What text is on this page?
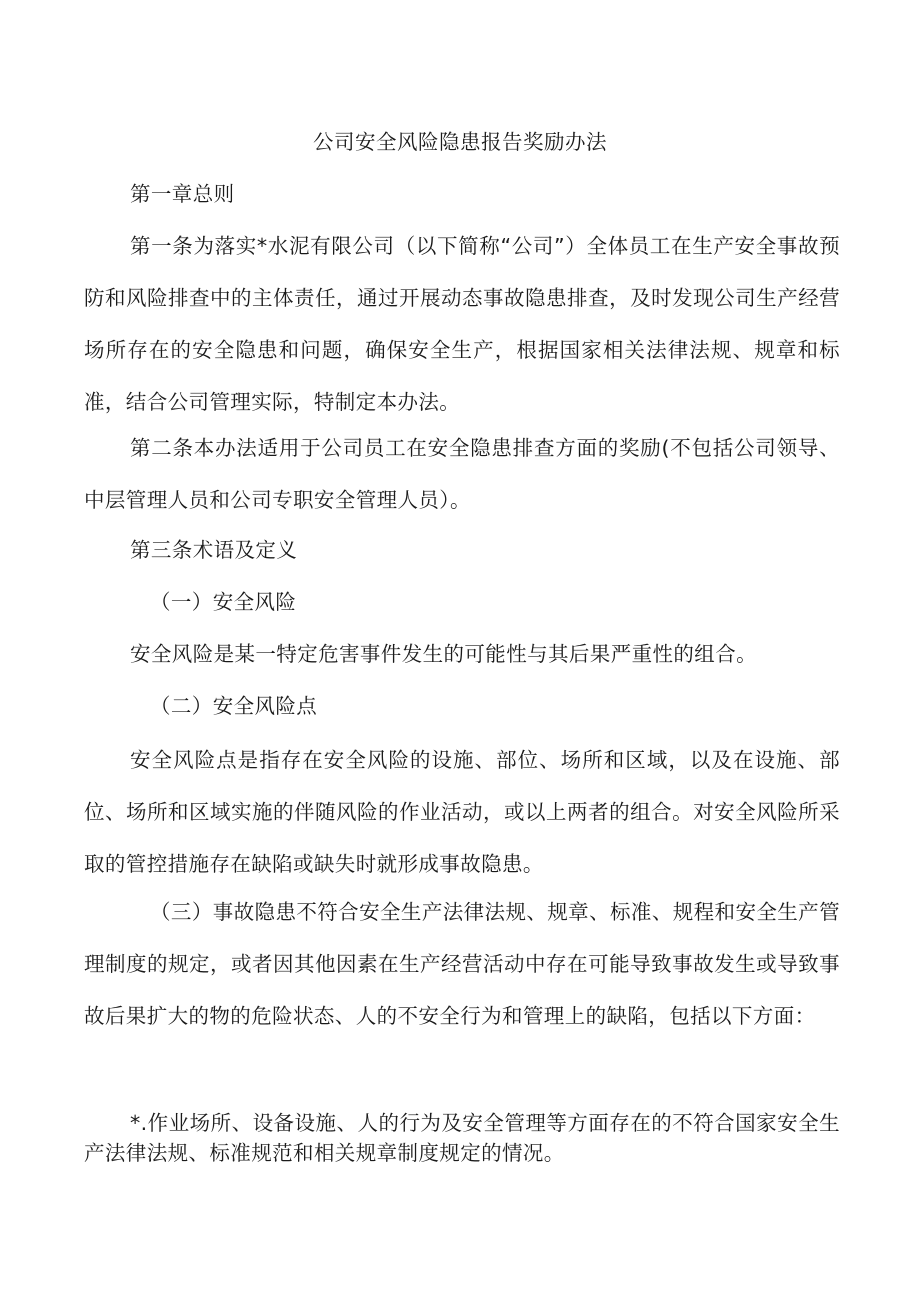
公司安全风险隐患报告奖励办法
第一章总则
第一条为落实*水泥有限公司（以下简称“公司”）全体员工在生产安全事故预防和风险排查中的主体责任，通过开展动态事故隐患排查，及时发现公司生产经营场所存在的安全隐患和问题，确保安全生产，根据国家相关法律法规、规章和标准，结合公司管理实际，特制定本办法。
第二条本办法适用于公司员工在安全隐患排查方面的奖励(不包括公司领导、中层管理人员和公司专职安全管理人员）。
第三条术语及定义
（一）安全风险
安全风险是某一特定危害事件发生的可能性与其后果严重性的组合。
（二）安全风险点
安全风险点是指存在安全风险的设施、部位、场所和区域，以及在设施、部位、场所和区域实施的伴随风险的作业活动，或以上两者的组合。对安全风险所采取的管控措施存在缺陷或缺失时就形成事故隐患。
（三）事故隐患不符合安全生产法律法规、规章、标准、规程和安全生产管理制度的规定，或者因其他因素在生产经营活动中存在可能导致事故发生或导致事故后果扩大的物的危险状态、人的不安全行为和管理上的缺陷，包括以下方面：
*.作业场所、设备设施、人的行为及安全管理等方面存在的不符合国家安全生产法律法规、标准规范和相关规章制度规定的情况。
